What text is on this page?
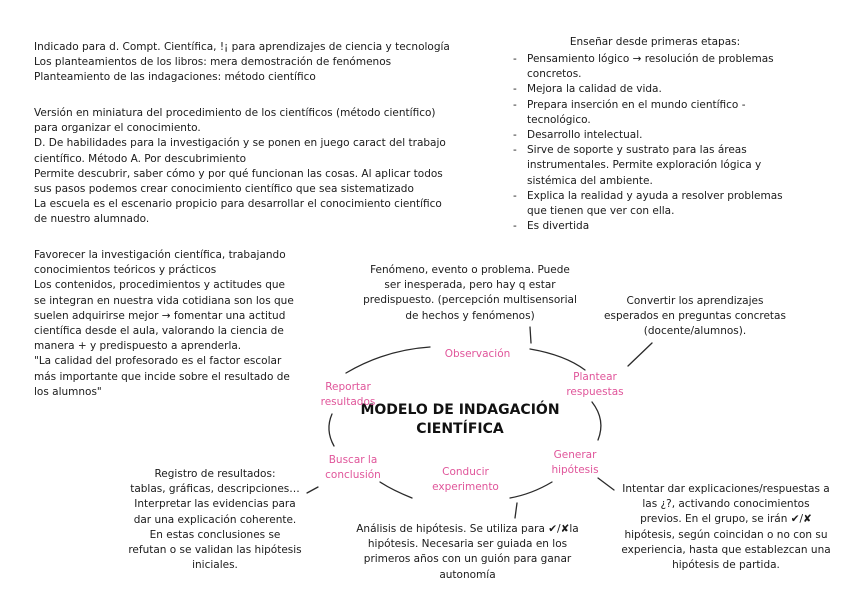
Indicado para d. Compt. Científica, !¡ para aprendizajes de ciencia y tecnología
Los planteamientos de los libros: mera demostración de fenómenos
Planteamiento de las indagaciones: método científico
Versión en miniatura del procedimiento de los científicos (método científico)
para organizar el conocimiento.
D. De habilidades para la investigación y se ponen en juego caract del trabajo
científico. Método A. Por descubrimiento
Permite descubrir, saber cómo y por qué funcionan las cosas. Al aplicar todos
sus pasos podemos crear conocimiento científico que sea sistematizado
La escuela es el escenario propicio para desarrollar el conocimiento científico
de nuestro alumnado.
Favorecer la investigación científica, trabajando
conocimientos teóricos y prácticos
Los contenidos, procedimientos y actitudes que
se integran en nuestra vida cotidiana son los que
suelen adquirirse mejor → fomentar una actitud
científica desde el aula, valorando la ciencia de
manera + y predispuesto a aprenderla.
"La calidad del profesorado es el factor escolar
más importante que incide sobre el resultado de
los alumnos"
Enseñar desde primeras etapas:
- Pensamiento lógico → resolución de problemas
concretos.
- Mejora la calidad de vida.
- Prepara inserción en el mundo científico -
tecnológico.
- Desarrollo intelectual.
- Sirve de soporte y sustrato para las áreas
instrumentales. Permite exploración lógica y
sistémica del ambiente.
- Explica la realidad y ayuda a resolver problemas
que tienen que ver con ella.
- Es divertida
MODELO DE INDAGACIÓN
CIENTÍFICA
Observación
Plantear
respuestas
Generar
hipótesis
Conducir
experimento
Buscar la
conclusión
Reportar
resultados
Fenómeno, evento o problema. Puede
ser inesperada, pero hay q estar
predispuesto. (percepción multisensorial
de hechos y fenómenos)
Convertir los aprendizajes
esperados en preguntas concretas
(docente/alumnos).
Intentar dar explicaciones/respuestas a
las ¿?, activando conocimientos
previos. En el grupo, se irán ✔/✘
hipótesis, según coincidan o no con su
experiencia, hasta que establezcan una
hipótesis de partida.
Análisis de hipótesis. Se utiliza para ✔/✘la
hipótesis. Necesaria ser guiada en los
primeros años con un guión para ganar
autonomía
Registro de resultados:
tablas, gráficas, descripciones…
Interpretar las evidencias para
dar una explicación coherente.
En estas conclusiones se
refutan o se validan las hipótesis
iniciales.
